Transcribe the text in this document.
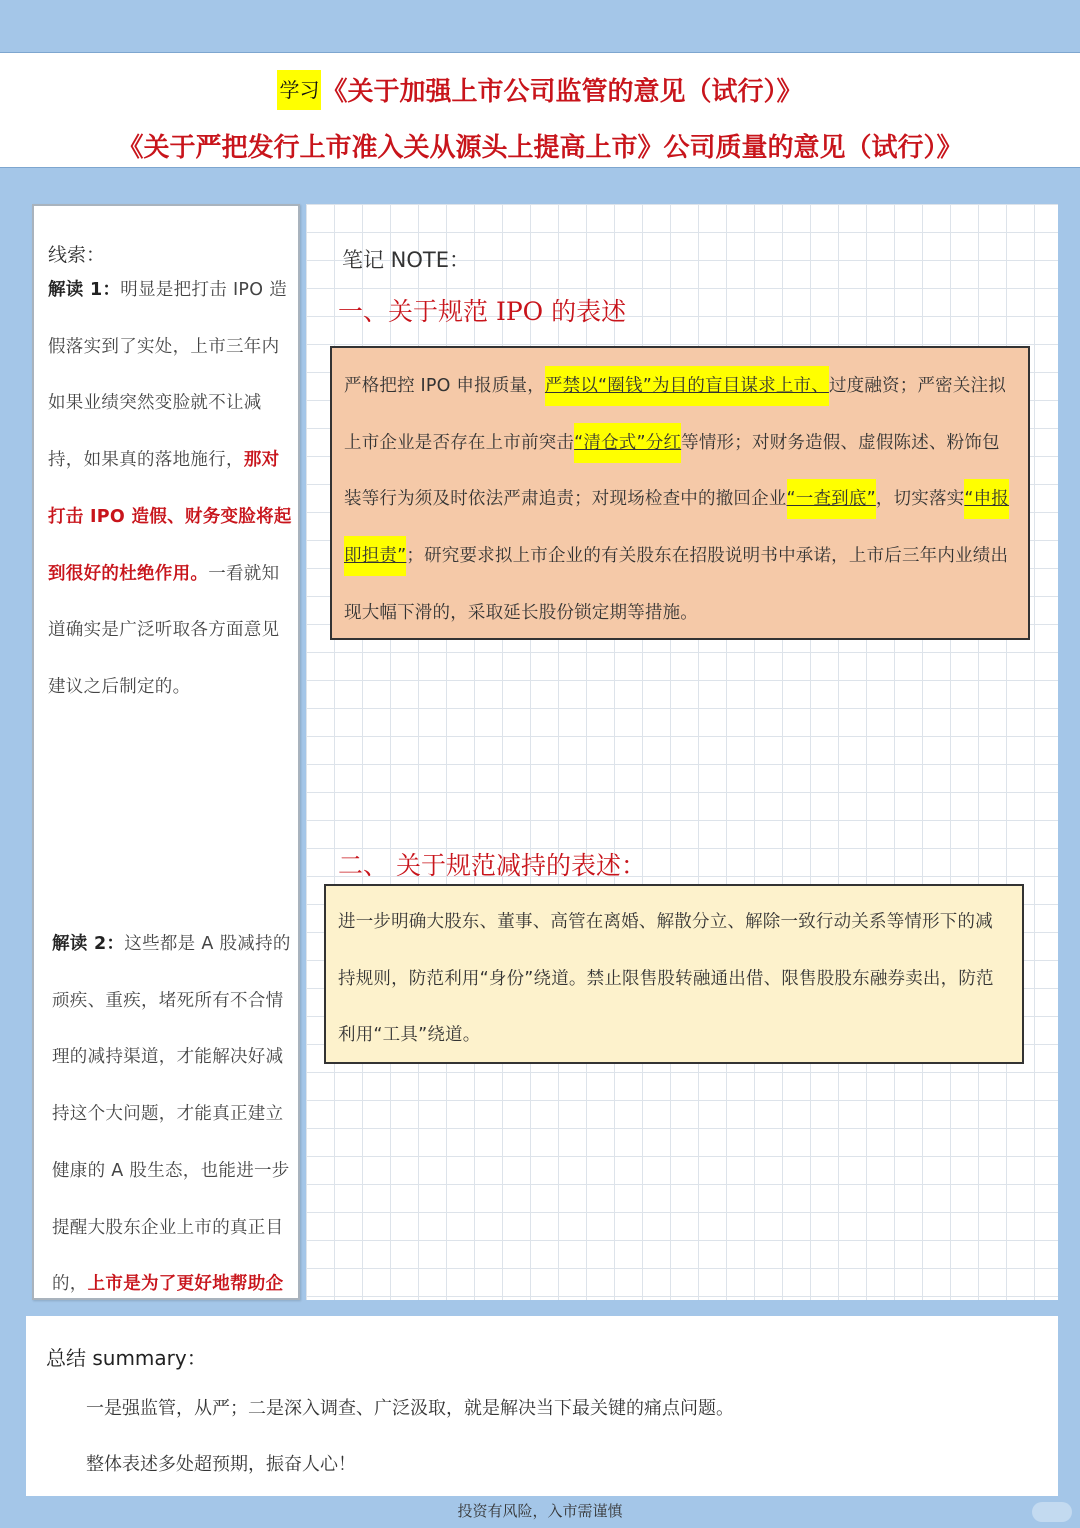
学习《关于加强上市公司监管的意见（试行）》
《关于严把发行上市准入关从源头上提高上市》公司质量的意见（试行）》
线索：
解读 1：明显是把打击 IPO 造假落实到了实处，上市三年内如果业绩突然变脸就不让减持，如果真的落地施行，那对打击 IPO 造假、财务变脸将起到很好的杜绝作用。一看就知道确实是广泛听取各方面意见建议之后制定的。
解读 2：这些都是 A 股减持的顽疾、重疾，堵死所有不合情理的减持渠道，才能解决好减持这个大问题，才能真正建立健康的 A 股生态，也能进一步提醒大股东企业上市的真正目的，上市是为了更好地帮助企
笔记 NOTE：
一、关于规范 IPO 的表述
严格把控 IPO 申报质量，严禁以“圈钱”为目的盲目谋求上市、过度融资；严密关注拟上市企业是否存在上市前突击“清仓式”分红等情形；对财务造假、虚假陈述、粉饰包装等行为须及时依法严肃追责；对现场检查中的撤回企业“一查到底”，切实落实“申报即担责”；研究要求拟上市企业的有关股东在招股说明书中承诺，上市后三年内业绩出现大幅下滑的，采取延长股份锁定期等措施。
二、 关于规范减持的表述：
进一步明确大股东、董事、高管在离婚、解散分立、解除一致行动关系等情形下的减持规则，防范利用“身份”绕道。禁止限售股转融通出借、限售股股东融券卖出，防范利用“工具”绕道。
总结 summary：
一是强监管，从严；二是深入调查、广泛汲取，就是解决当下最关键的痛点问题。
整体表述多处超预期，振奋人心！
投资有风险，入市需谨慎
